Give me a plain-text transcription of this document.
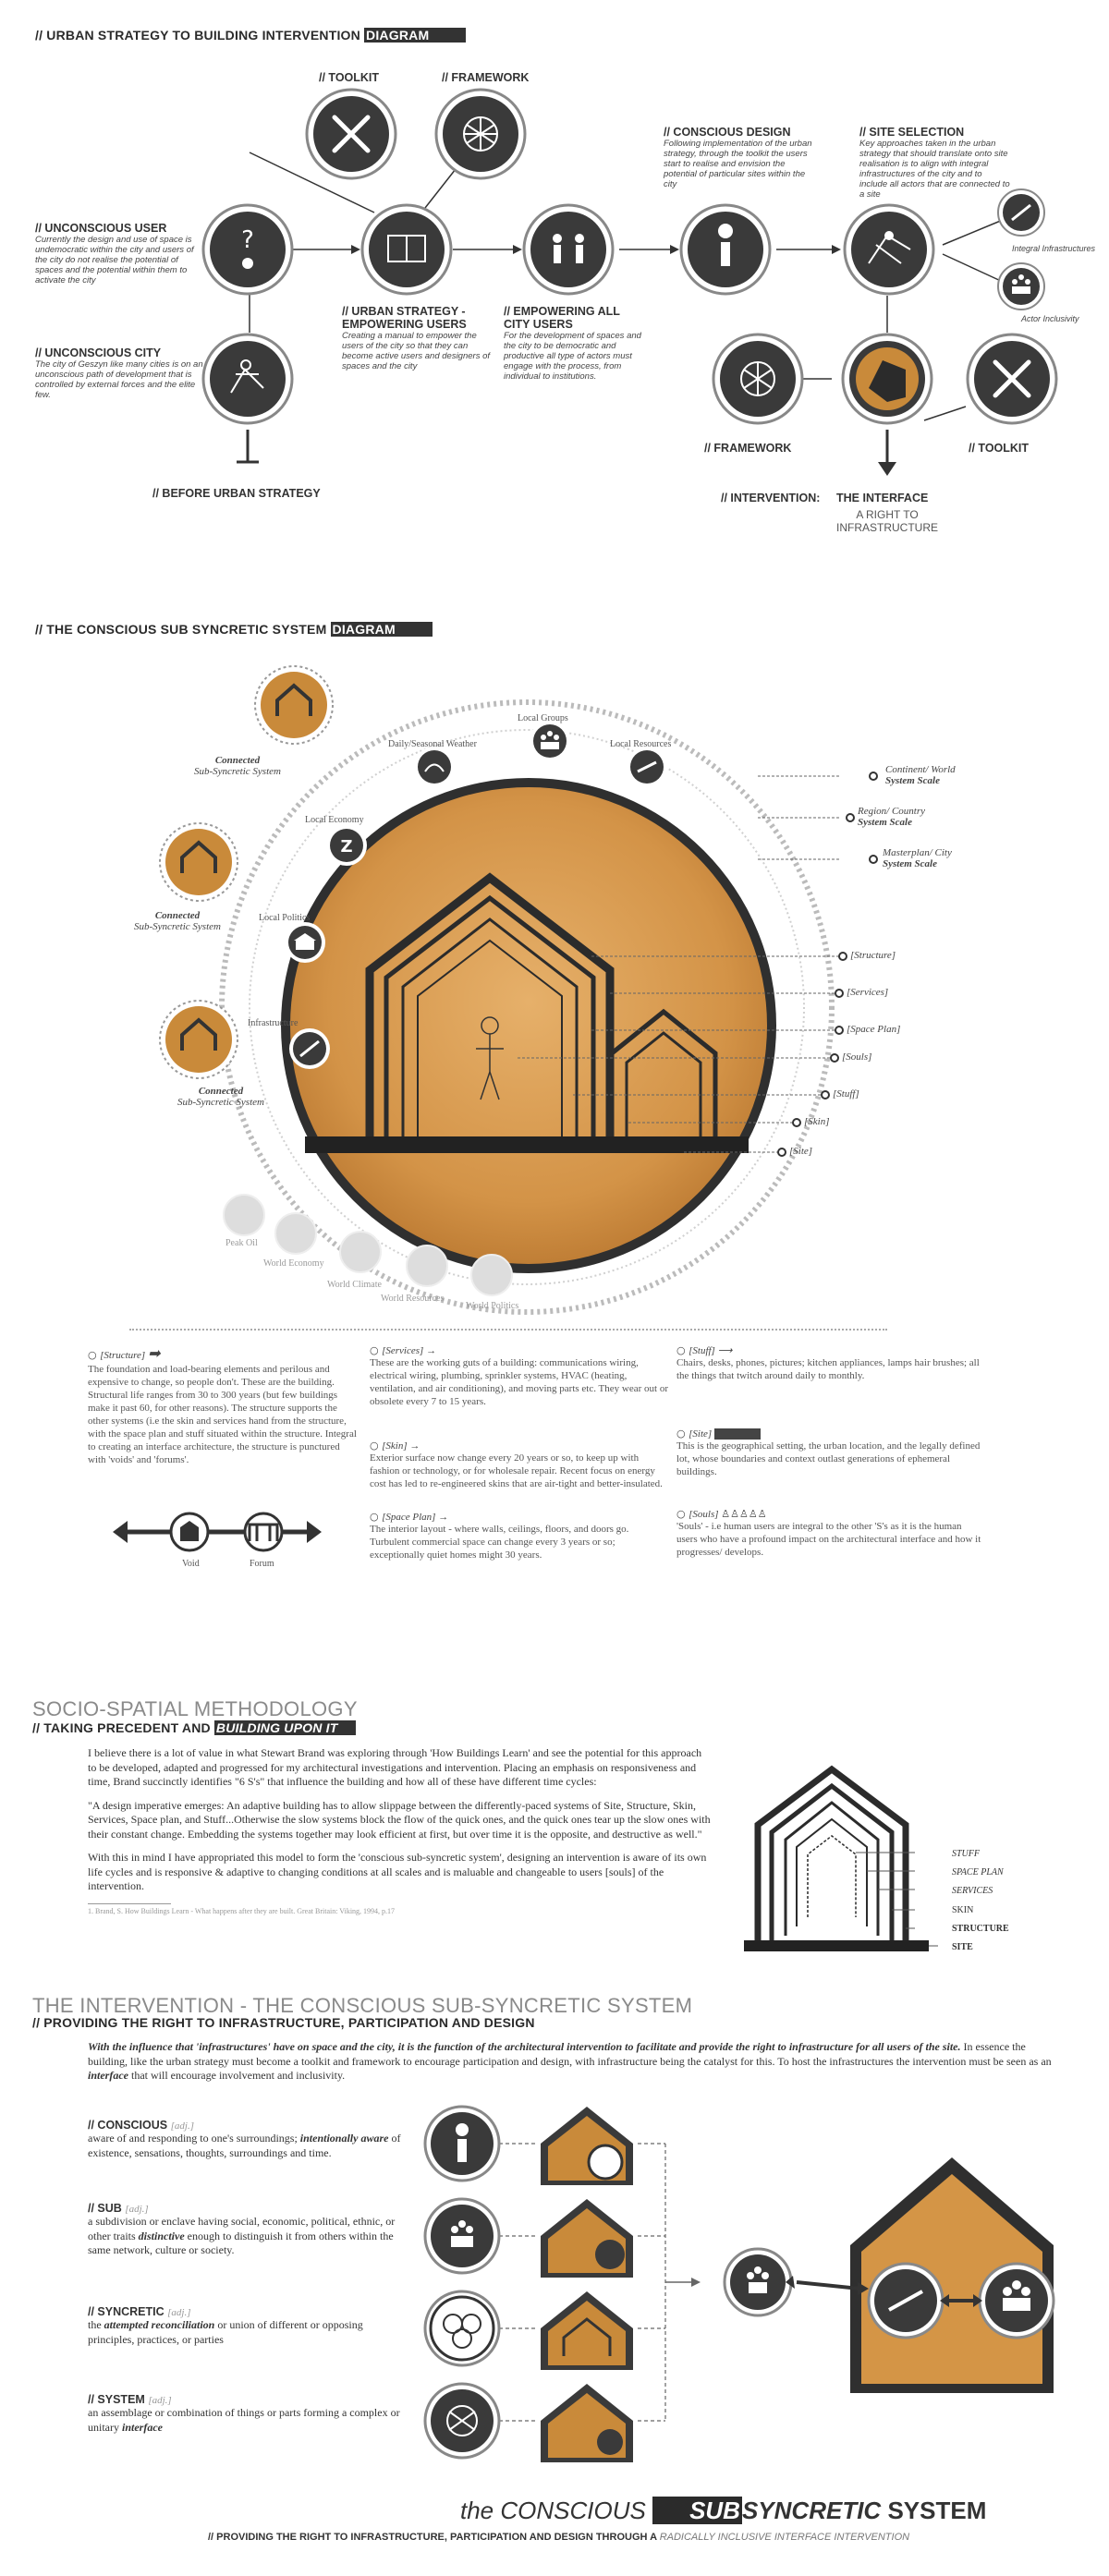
// URBAN STRATEGY TO BUILDING INTERVENTION DIAGRAM
?
// TOOLKIT	// FRAMEWORK
// UNCONSCIOUS USER
Currently the design and use of space is undemocratic within the city and users of the city do not realise the potential of spaces and the potential within them to activate the city
// UNCONSCIOUS CITY
The city of Geszyn like many cities is on an unconscious path of development that is controlled by external forces and the elite few.
// BEFORE URBAN STRATEGY
// URBAN STRATEGY -
EMPOWERING USERS
Creating a manual to empower the users of the city so that they can become active users and designers of spaces and the city
// EMPOWERING ALL
CITY USERS
For the development of spaces and the city to be democratic and productive all type of actors must engage with the process, from individual to institutions.
// CONSCIOUS DESIGN
Following implementation of the urban strategy, through the toolkit the users start to realise and envision the potential of particular sites within the city
// SITE SELECTION
Key approaches taken in the urban strategy that should translate onto site realisation is to align with integral infrastructures of the city and to include all actors that are connected to a site
Integral Infrastructures
Actor Inclusivity
// FRAMEWORK	// TOOLKIT
// INTERVENTION: THE INTERFACE
A RIGHT TO
INFRASTRUCTURE
// THE CONSCIOUS SUB SYNCRETIC SYSTEM DIAGRAM
Z
Connected
Sub-Syncretic System
Connected
Sub-Syncretic System
Connected
Sub-Syncretic System
Daily/Seasonal Weather
Local Groups
Local Resources
Local Economy
Local Politics
Infrastructure
Continent/ World
System Scale
Region/ Country
System Scale
Masterplan/ City
System Scale
[Structure]
[Services]
[Space Plan]
[Souls]
[Stuff]
[Skin]
[Site]
Peak Oil
World Economy
World Climate
World Resources
World Politics
○ [Structure] ➡
The foundation and load-bearing elements and perilous and expensive to change, so people don't. These are the building. Structural life ranges from 30 to 300 years (but few buildings make it past 60, for other reasons). The structure supports the other systems (i.e the skin and services hand from the structure, with the space plan and stuff situated within the structure. Integral to creating an interface architecture, the structure is punctured with 'voids' and 'forums'.
○ [Services] →
These are the working guts of a building: communications wiring, electrical wiring, plumbing, sprinkler systems, HVAC (heating, ventilation, and air conditioning), and moving parts etc. They wear out or obsolete every 7 to 15 years.
○ [Stuff] ⟶
Chairs, desks, phones, pictures; kitchen appliances, lamps hair brushes; all the things that twitch around daily to monthly.
○ [Skin] →
Exterior surface now change every 20 years or so, to keep up with fashion or technology, or for wholesale repair. Recent focus on energy cost has led to re-engineered skins that are air-tight and better-insulated.
○ [Site]
This is the geographical setting, the urban location, and the legally defined lot, whose boundaries and context outlast generations of ephemeral buildings.
○ [Space Plan] →
The interior layout - where walls, ceilings, floors, and doors go. Turbulent commercial space can change every 3 years or so; exceptionally quiet homes might 30 years.
○ [Souls] ♙♙♙♙♙
'Souls' - i.e human users are integral to the other 'S's as it is the human users who have a profound impact on the architectural interface and how it progresses/ develops.
Void	Forum
SOCIO-SPATIAL METHODOLOGY
// TAKING PRECEDENT AND BUILDING UPON IT

I believe there is a lot of value in what Stewart Brand was exploring through 'How Buildings Learn' and see the potential for this approach to be developed, adapted and progressed for my architectural investigations and intervention. Placing an emphasis on responsiveness and time, Brand succinctly identifies "6 S's" that influence the building and how all of these have different time cycles:

"A design imperative emerges: An adaptive building has to allow slippage between the differently-paced systems of Site, Structure, Skin, Services, Space plan, and Stuff...Otherwise the slow systems block the flow of the quick ones, and the quick ones tear up the slow ones with their constant change. Embedding the systems together may look efficient at first, but over time it is the opposite, and destructive as well."

With this in mind I have appropriated this model to form the 'conscious sub-syncretic system', designing an intervention is aware of its own life cycles and is responsive & adaptive to changing conditions at all scales and is maluable and changeable to users [souls] of the intervention.

1. Brand, S. How Buildings Learn - What happens after they are built. Great Britain: Viking, 1994, p.17
STUFF
SPACE PLAN
SERVICES
SKIN
STRUCTURE
SITE
THE INTERVENTION - THE CONSCIOUS SUB-SYNCRETIC SYSTEM
// PROVIDING THE RIGHT TO INFRASTRUCTURE, PARTICIPATION AND DESIGN
With the influence that 'infrastructures' have on space and the city, it is the function of the architectural intervention to facilitate and provide the right to infrastructure for all users of the site. In essence the building, like the urban strategy must become a toolkit and framework to encourage participation and design, with infrastructure being the catalyst for this. To host the infrastructures the intervention must be seen as an interface that will encourage involvement and inclusivity.
// CONSCIOUS [adj.]
aware of and responding to one's surroundings; intentionally aware of existence, sensations, thoughts, surroundings and time.
// SUB [adj.]
a subdivision or enclave having social, economic, political, ethnic, or other traits distinctive enough to distinguish it from others within the same network, culture or society.
// SYNCRETIC [adj.]
the attempted reconciliation or union of different or opposing principles, practices, or parties
// SYSTEM [adj.]
an assemblage or combination of things or parts forming a complex or unitary interface
the CONSCIOUS SUBSYNCRETIC SYSTEM
// PROVIDING THE RIGHT TO INFRASTRUCTURE, PARTICIPATION AND DESIGN THROUGH A RADICALLY INCLUSIVE INTERFACE INTERVENTION
